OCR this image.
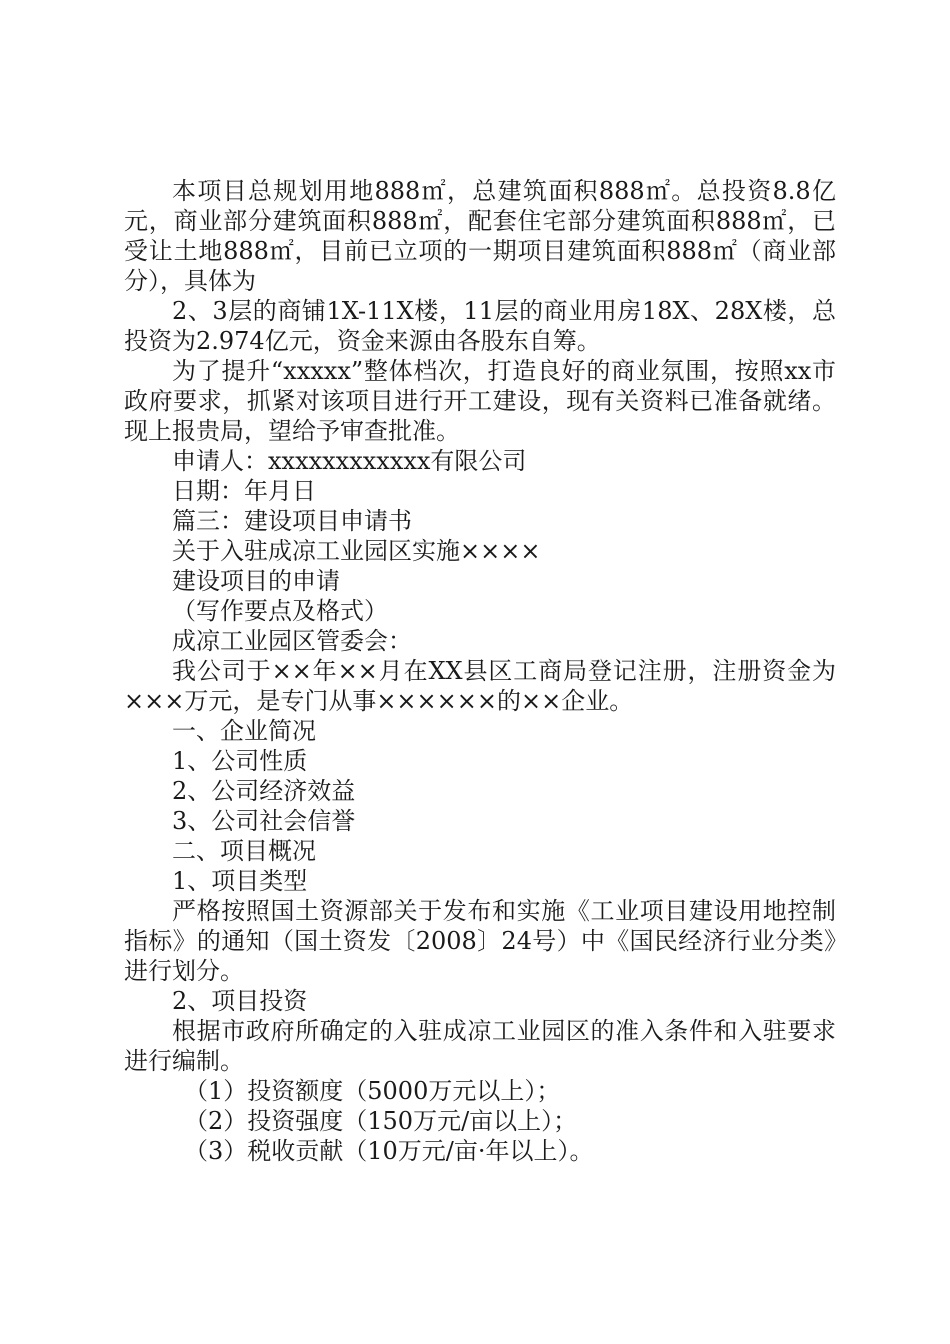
本项目总规划用地888㎡，总建筑面积888㎡。总投资8.8亿元，商业部分建筑面积888㎡，配套住宅部分建筑面积888㎡，已受让土地888㎡，目前已立项的一期项目建筑面积888㎡（商业部分），具体为

2、3层的商铺1X-11X楼，11层的商业用房18X、28X楼，总投资为2.974亿元，资金来源由各股东自筹。

为了提升“xxxxx”整体档次，打造良好的商业氛围，按照xx市政府要求，抓紧对该项目进行开工建设，现有关资料已准备就绪。现上报贵局，望给予审查批准。

申请人：xxxxxxxxxxxx有限公司

日期：年月日

篇三：建设项目申请书

关于入驻成凉工业园区实施××××

建设项目的申请

（写作要点及格式）

成凉工业园区管委会：

我公司于××年××月在XX县区工商局登记注册，注册资金为×××万元，是专门从事××××××的××企业。

一、企业简况

1、公司性质

2、公司经济效益

3、公司社会信誉

二、项目概况

1、项目类型

严格按照国土资源部关于发布和实施《工业项目建设用地控制指标》的通知（国土资发〔2008〕24号）中《国民经济行业分类》进行划分。

2、项目投资

根据市政府所确定的入驻成凉工业园区的准入条件和入驻要求进行编制。

（1）投资额度（5000万元以上）；

（2）投资强度（150万元/亩以上）；

（3）税收贡献（10万元/亩·年以上）。
